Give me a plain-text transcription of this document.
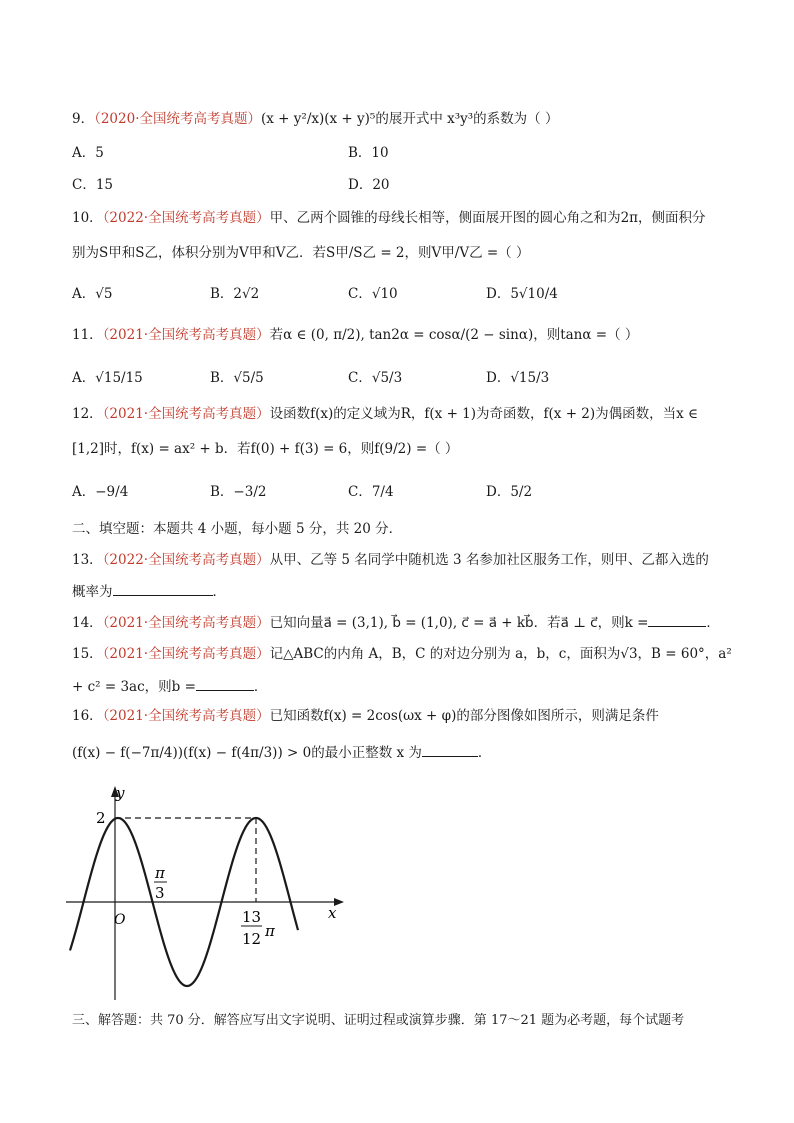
9．（2020·全国统考高考真题）(x + y²/x)(x + y)⁵的展开式中 x³y³的系数为（ ）
A．5	B．10
C．15	D．20
10．（2022·全国统考高考真题）甲、乙两个圆锥的母线长相等，侧面展开图的圆心角之和为2π，侧面积分
别为S甲和S乙，体积分别为V甲和V乙．若S甲/S乙 = 2，则V甲/V乙 =（ ）
A．√5	B．2√2	C．√10	D．5√10/4
11．（2021·全国统考高考真题）若α ∈ (0, π/2), tan2α = cosα/(2 − sinα)，则tanα =（ ）
A．√15/15	B．√5/5	C．√5/3	D．√15/3
12．（2021·全国统考高考真题）设函数f(x)的定义域为R，f(x + 1)为奇函数，f(x + 2)为偶函数，当x ∈
[1,2]时，f(x) = ax² + b．若f(0) + f(3) = 6，则f(9/2) =（ ）
A．−9/4	B．−3/2	C．7/4	D．5/2
二、填空题：本题共 4 小题，每小题 5 分，共 20 分．
13．（2022·全国统考高考真题）从甲、乙等 5 名同学中随机选 3 名参加社区服务工作，则甲、乙都入选的
概率为	．
14．（2021·全国统考高考真题）已知向量a⃗ = (3,1), b⃗ = (1,0), c⃗ = a⃗ + kb⃗．若a⃗ ⊥ c⃗，则k =	．
15．（2021·全国统考高考真题）记△ABC的内角 A，B，C 的对边分别为 a，b，c，面积为√3，B = 60°，a²
+ c² = 3ac，则b =	．
16．（2021·全国统考高考真题）已知函数f(x) = 2cos(ωx + φ)的部分图像如图所示，则满足条件
(f(x) − f(−7π/4))(f(x) − f(4π/3)) > 0的最小正整数 x 为	．
y
x
O
2
π
3
13
12 π
三、解答题：共 70 分．解答应写出文字说明、证明过程或演算步骤．第 17～21 题为必考题，每个试题考
